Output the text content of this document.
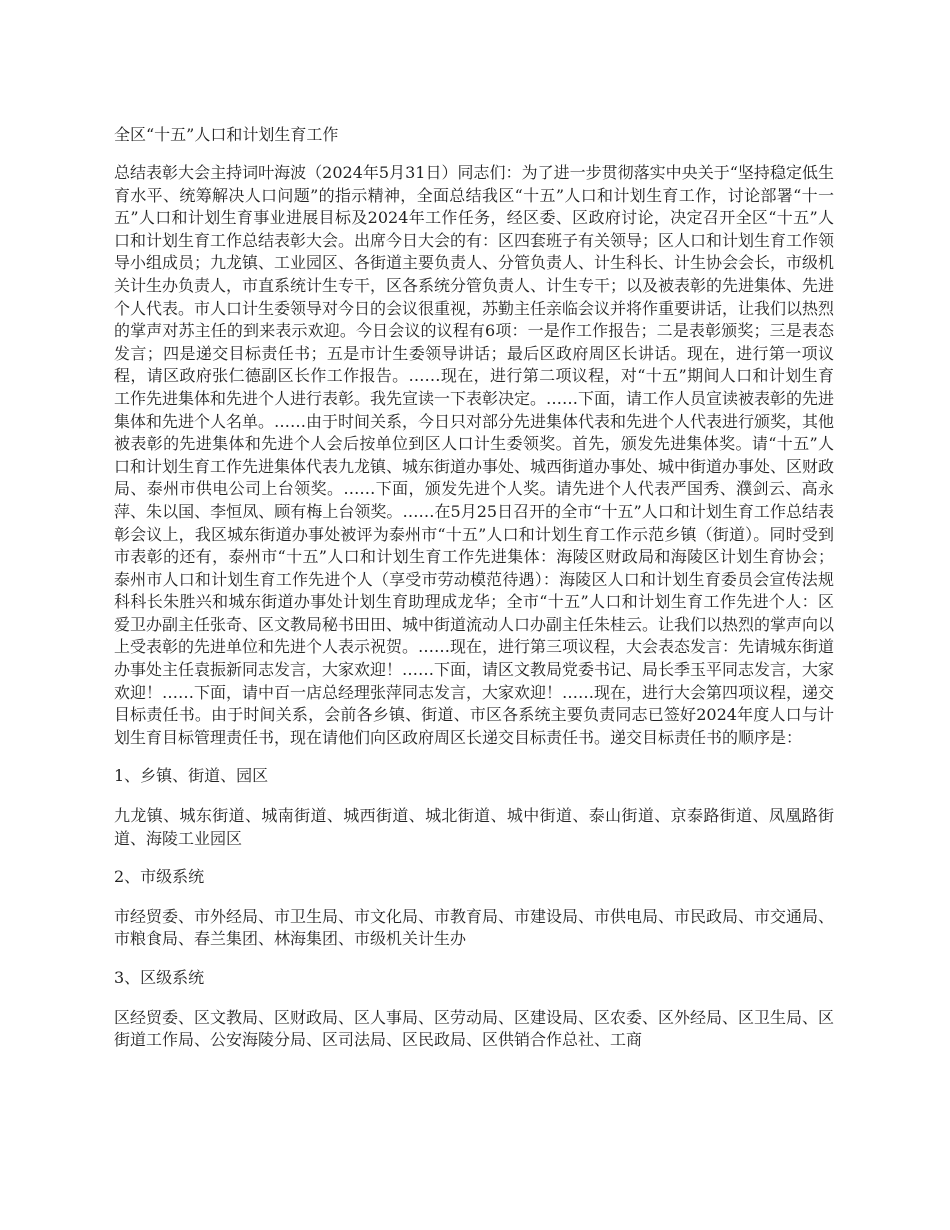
全区“十五”人口和计划生育工作

总结表彰大会主持词叶海波（2024年5月31日）同志们：为了进一步贯彻落实中央关于“坚持稳定低生育水平、统筹解决人口问题”的指示精神，全面总结我区“十五”人口和计划生育工作，讨论部署“十一五”人口和计划生育事业进展目标及2024年工作任务，经区委、区政府讨论，决定召开全区“十五”人口和计划生育工作总结表彰大会。出席今日大会的有：区四套班子有关领导；区人口和计划生育工作领导小组成员；九龙镇、工业园区、各街道主要负责人、分管负责人、计生科长、计生协会会长，市级机关计生办负责人，市直系统计生专干，区各系统分管负责人、计生专干；以及被表彰的先进集体、先进个人代表。市人口计生委领导对今日的会议很重视，苏勤主任亲临会议并将作重要讲话，让我们以热烈的掌声对苏主任的到来表示欢迎。今日会议的议程有6项：一是作工作报告；二是表彰颁奖；三是表态发言；四是递交目标责任书；五是市计生委领导讲话；最后区政府周区长讲话。现在，进行第一项议程，请区政府张仁德副区长作工作报告。……现在，进行第二项议程，对“十五”期间人口和计划生育工作先进集体和先进个人进行表彰。我先宣读一下表彰决定。……下面，请工作人员宣读被表彰的先进集体和先进个人名单。……由于时间关系，今日只对部分先进集体代表和先进个人代表进行颁奖，其他被表彰的先进集体和先进个人会后按单位到区人口计生委领奖。首先，颁发先进集体奖。请“十五”人口和计划生育工作先进集体代表九龙镇、城东街道办事处、城西街道办事处、城中街道办事处、区财政局、泰州市供电公司上台领奖。……下面，颁发先进个人奖。请先进个人代表严国秀、濮剑云、高永萍、朱以国、李恒凤、顾有梅上台领奖。……在5月25日召开的全市“十五”人口和计划生育工作总结表彰会议上，我区城东街道办事处被评为泰州市“十五”人口和计划生育工作示范乡镇（街道）。同时受到市表彰的还有，泰州市“十五”人口和计划生育工作先进集体：海陵区财政局和海陵区计划生育协会；泰州市人口和计划生育工作先进个人（享受市劳动模范待遇）：海陵区人口和计划生育委员会宣传法规科科长朱胜兴和城东街道办事处计划生育助理成龙华；全市“十五”人口和计划生育工作先进个人：区爱卫办副主任张奇、区文教局秘书田田、城中街道流动人口办副主任朱桂云。让我们以热烈的掌声向以上受表彰的先进单位和先进个人表示祝贺。……现在，进行第三项议程，大会表态发言：先请城东街道办事处主任袁振新同志发言，大家欢迎！……下面，请区文教局党委书记、局长季玉平同志发言，大家欢迎！……下面，请中百一店总经理张萍同志发言，大家欢迎！……现在，进行大会第四项议程，递交目标责任书。由于时间关系，会前各乡镇、街道、市区各系统主要负责同志已签好2024年度人口与计划生育目标管理责任书，现在请他们向区政府周区长递交目标责任书。递交目标责任书的顺序是：

1、乡镇、街道、园区

九龙镇、城东街道、城南街道、城西街道、城北街道、城中街道、泰山街道、京泰路街道、凤凰路街道、海陵工业园区

2、市级系统

市经贸委、市外经局、市卫生局、市文化局、市教育局、市建设局、市供电局、市民政局、市交通局、市粮食局、春兰集团、林海集团、市级机关计生办

3、区级系统

区经贸委、区文教局、区财政局、区人事局、区劳动局、区建设局、区农委、区外经局、区卫生局、区街道工作局、公安海陵分局、区司法局、区民政局、区供销合作总社、工商
